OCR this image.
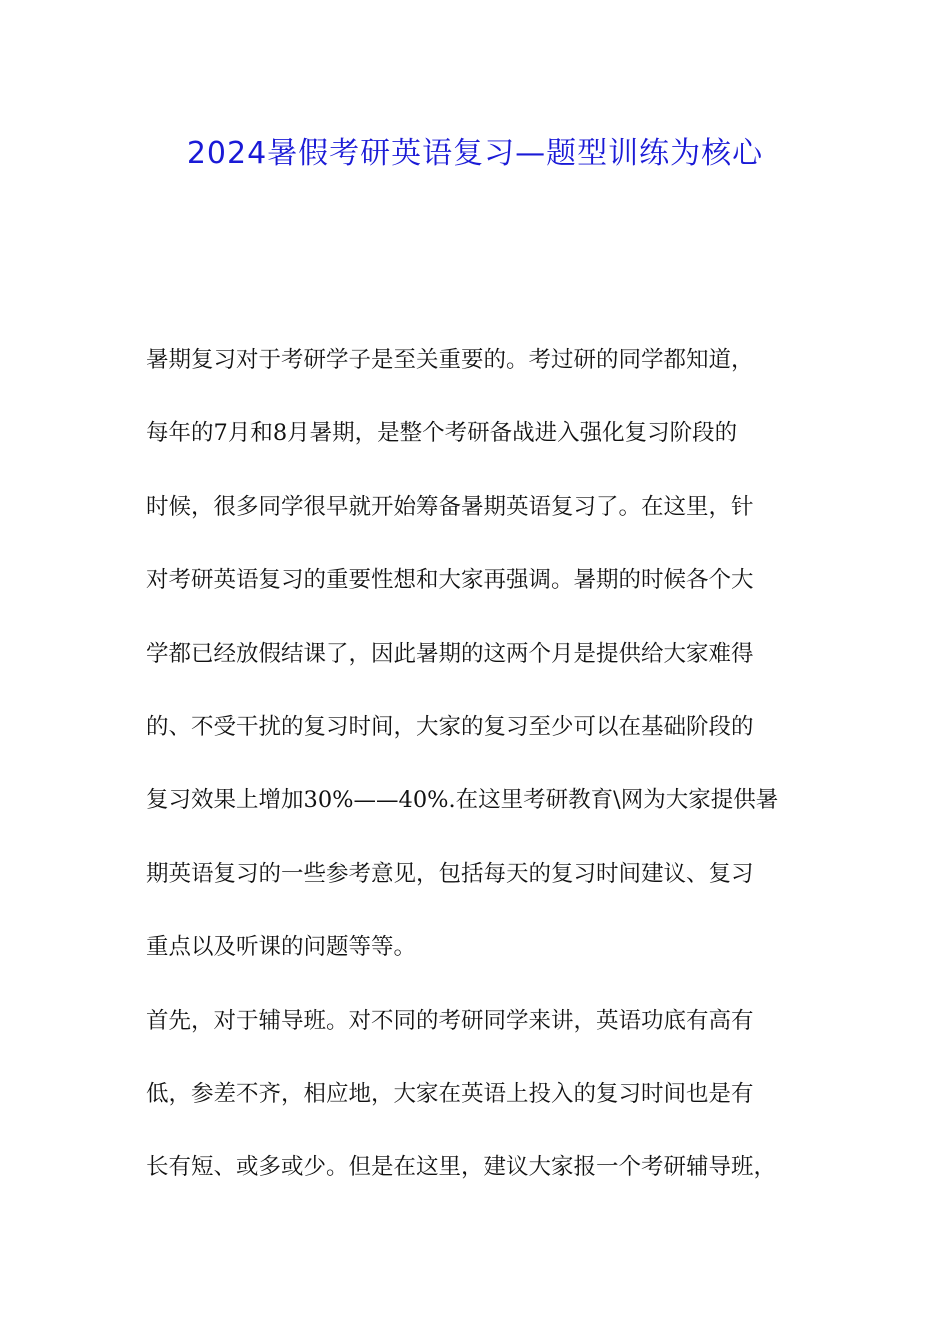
2024暑假考研英语复习—题型训练为核心

暑期复习对于考研学子是至关重要的。考过研的同学都知道，
每年的7月和8月暑期，是整个考研备战进入强化复习阶段的
时候，很多同学很早就开始筹备暑期英语复习了。在这里，针
对考研英语复习的重要性想和大家再强调。暑期的时候各个大
学都已经放假结课了，因此暑期的这两个月是提供给大家难得
的、不受干扰的复习时间，大家的复习至少可以在基础阶段的
复习效果上增加30%——40%.在这里考研教育\网为大家提供暑
期英语复习的一些参考意见，包括每天的复习时间建议、复习
重点以及听课的问题等等。

首先，对于辅导班。对不同的考研同学来讲，英语功底有高有
低，参差不齐，相应地，大家在英语上投入的复习时间也是有
长有短、或多或少。但是在这里，建议大家报一个考研辅导班，
